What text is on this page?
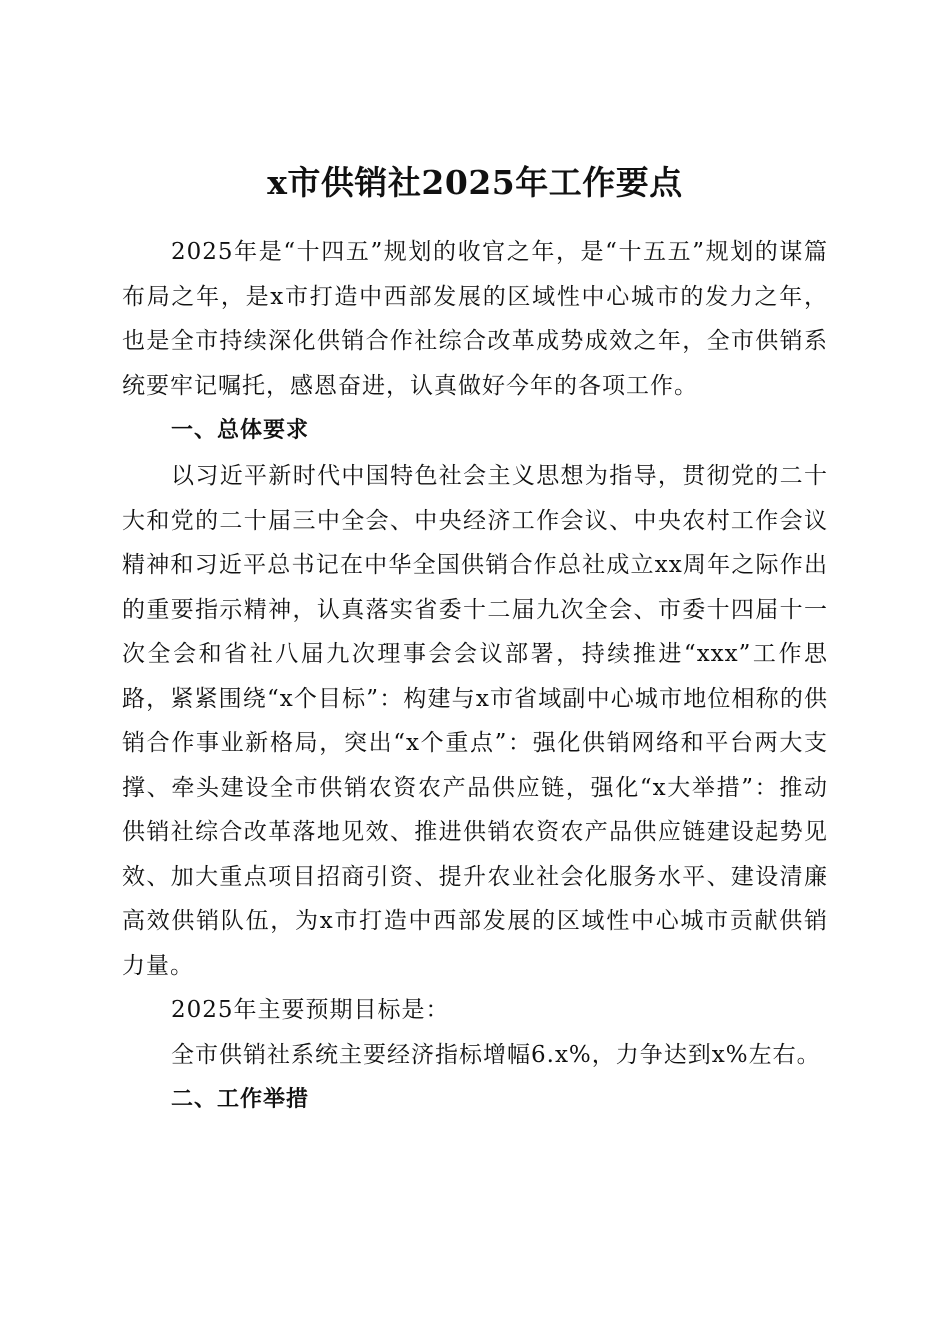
x市供销社2025年工作要点

2025年是“十四五”规划的收官之年，是“十五五”规划的谋篇布局之年，是x市打造中西部发展的区域性中心城市的发力之年，也是全市持续深化供销合作社综合改革成势成效之年，全市供销系统要牢记嘱托，感恩奋进，认真做好今年的各项工作。

一、总体要求

以习近平新时代中国特色社会主义思想为指导，贯彻党的二十大和党的二十届三中全会、中央经济工作会议、中央农村工作会议精神和习近平总书记在中华全国供销合作总社成立xx周年之际作出的重要指示精神，认真落实省委十二届九次全会、市委十四届十一次全会和省社八届九次理事会会议部署，持续推进“xxx”工作思路，紧紧围绕“x个目标”：构建与x市省域副中心城市地位相称的供销合作事业新格局，突出“x个重点”：强化供销网络和平台两大支撑、牵头建设全市供销农资农产品供应链，强化“x大举措”：推动供销社综合改革落地见效、推进供销农资农产品供应链建设起势见效、加大重点项目招商引资、提升农业社会化服务水平、建设清廉高效供销队伍，为x市打造中西部发展的区域性中心城市贡献供销力量。

2025年主要预期目标是：

全市供销社系统主要经济指标增幅6.x%，力争达到x%左右。

二、工作举措
